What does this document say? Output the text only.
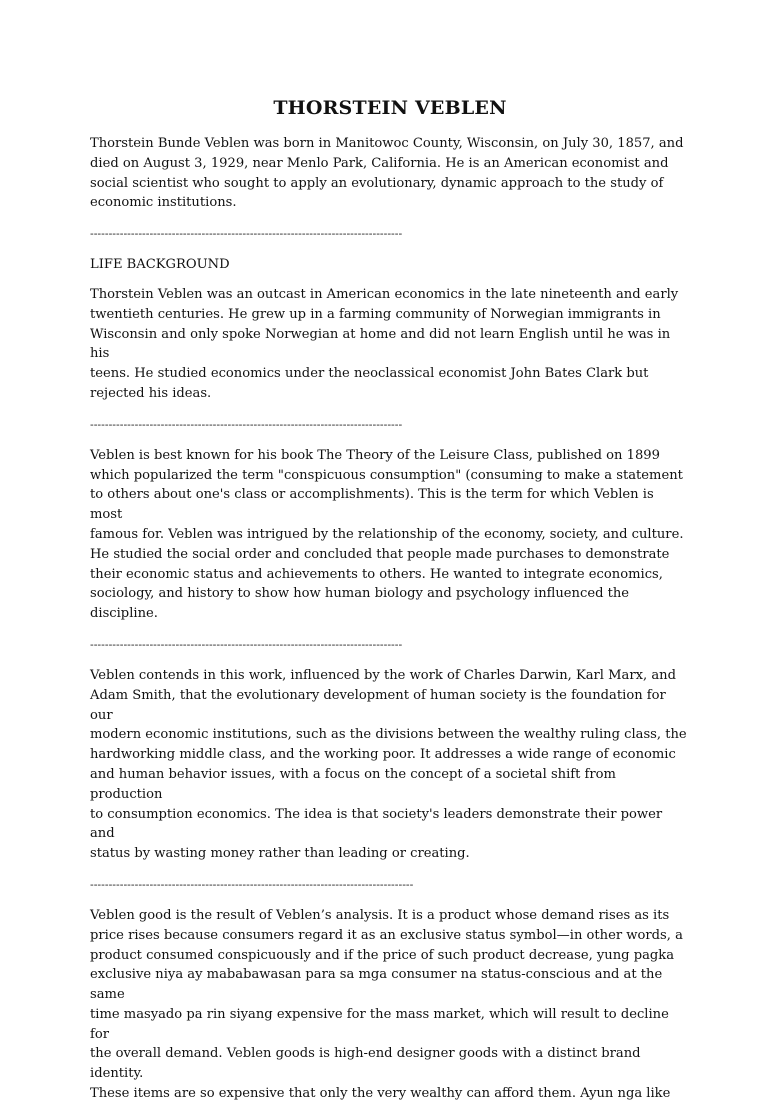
THORSTEIN VEBLEN

Thorstein Bunde Veblen was born in Manitowoc County, Wisconsin, on July 30, 1857, and
died on August 3, 1929, near Menlo Park, California. He is an American economist and
social scientist who sought to apply an evolutionary, dynamic approach to the study of
economic institutions.

------------------------------------------------------------------------------------

LIFE BACKGROUND

Thorstein Veblen was an outcast in American economics in the late nineteenth and early
twentieth centuries. He grew up in a farming community of Norwegian immigrants in
Wisconsin and only spoke Norwegian at home and did not learn English until he was in his
teens. He studied economics under the neoclassical economist John Bates Clark but
rejected his ideas.

------------------------------------------------------------------------------------

Veblen is best known for his book The Theory of the Leisure Class, published on 1899
which popularized the term "conspicuous consumption" (consuming to make a statement
to others about one's class or accomplishments). This is the term for which Veblen is most
famous for. Veblen was intrigued by the relationship of the economy, society, and culture.
He studied the social order and concluded that people made purchases to demonstrate
their economic status and achievements to others. He wanted to integrate economics,
sociology, and history to show how human biology and psychology influenced the
discipline.

------------------------------------------------------------------------------------

Veblen contends in this work, influenced by the work of Charles Darwin, Karl Marx, and
Adam Smith, that the evolutionary development of human society is the foundation for our
modern economic institutions, such as the divisions between the wealthy ruling class, the
hardworking middle class, and the working poor. It addresses a wide range of economic
and human behavior issues, with a focus on the concept of a societal shift from production
to consumption economics. The idea is that society's leaders demonstrate their power and
status by wasting money rather than leading or creating.

---------------------------------------------------------------------------------------

Veblen good is the result of Veblen’s analysis. It is a product whose demand rises as its
price rises because consumers regard it as an exclusive status symbol—in other words, a
product consumed conspicuously and if the price of such product decrease, yung pagka
exclusive niya ay mababawasan para sa mga consumer na status-conscious and at the same
time masyado pa rin siyang expensive for the mass market, which will result to decline for
the overall demand. Veblen goods is high-end designer goods with a distinct brand identity.
These items are so expensive that only the very wealthy can afford them. Ayun nga like
